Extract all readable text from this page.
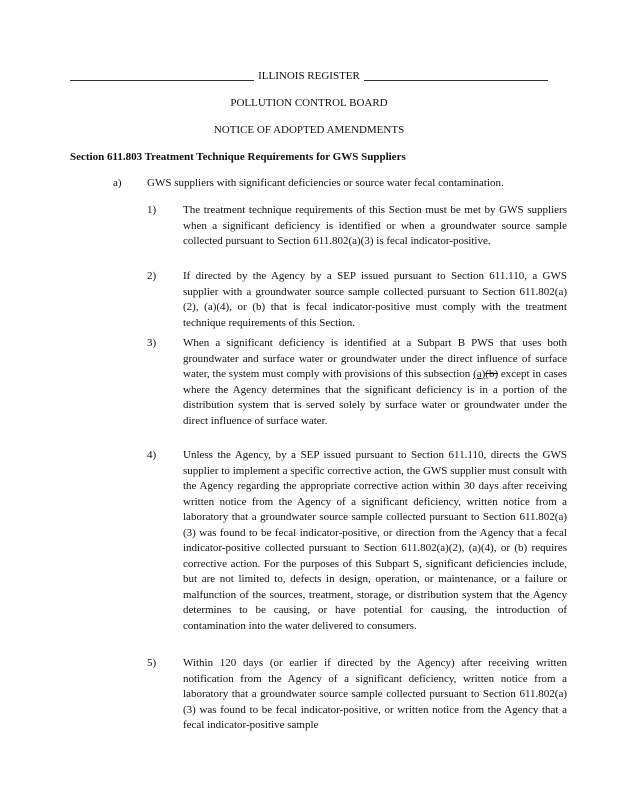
ILLINOIS REGISTER
POLLUTION CONTROL BOARD
NOTICE OF ADOPTED AMENDMENTS
Section 611.803 Treatment Technique Requirements for GWS Suppliers
a) GWS suppliers with significant deficiencies or source water fecal contamination.
1) The treatment technique requirements of this Section must be met by GWS suppliers when a significant deficiency is identified or when a groundwater source sample collected pursuant to Section 611.802(a)(3) is fecal indicator-positive.
2) If directed by the Agency by a SEP issued pursuant to Section 611.110, a GWS supplier with a groundwater source sample collected pursuant to Section 611.802(a)(2), (a)(4), or (b) that is fecal indicator-positive must comply with the treatment technique requirements of this Section.
3) When a significant deficiency is identified at a Subpart B PWS that uses both groundwater and surface water or groundwater under the direct influence of surface water, the system must comply with provisions of this subsection (a)(b) except in cases where the Agency determines that the significant deficiency is in a portion of the distribution system that is served solely by surface water or groundwater under the direct influence of surface water.
4) Unless the Agency, by a SEP issued pursuant to Section 611.110, directs the GWS supplier to implement a specific corrective action, the GWS supplier must consult with the Agency regarding the appropriate corrective action within 30 days after receiving written notice from the Agency of a significant deficiency, written notice from a laboratory that a groundwater source sample collected pursuant to Section 611.802(a)(3) was found to be fecal indicator-positive, or direction from the Agency that a fecal indicator-positive collected pursuant to Section 611.802(a)(2), (a)(4), or (b) requires corrective action. For the purposes of this Subpart S, significant deficiencies include, but are not limited to, defects in design, operation, or maintenance, or a failure or malfunction of the sources, treatment, storage, or distribution system that the Agency determines to be causing, or have potential for causing, the introduction of contamination into the water delivered to consumers.
5) Within 120 days (or earlier if directed by the Agency) after receiving written notification from the Agency of a significant deficiency, written notice from a laboratory that a groundwater source sample collected pursuant to Section 611.802(a)(3) was found to be fecal indicator-positive, or written notice from the Agency that a fecal indicator-positive sample
